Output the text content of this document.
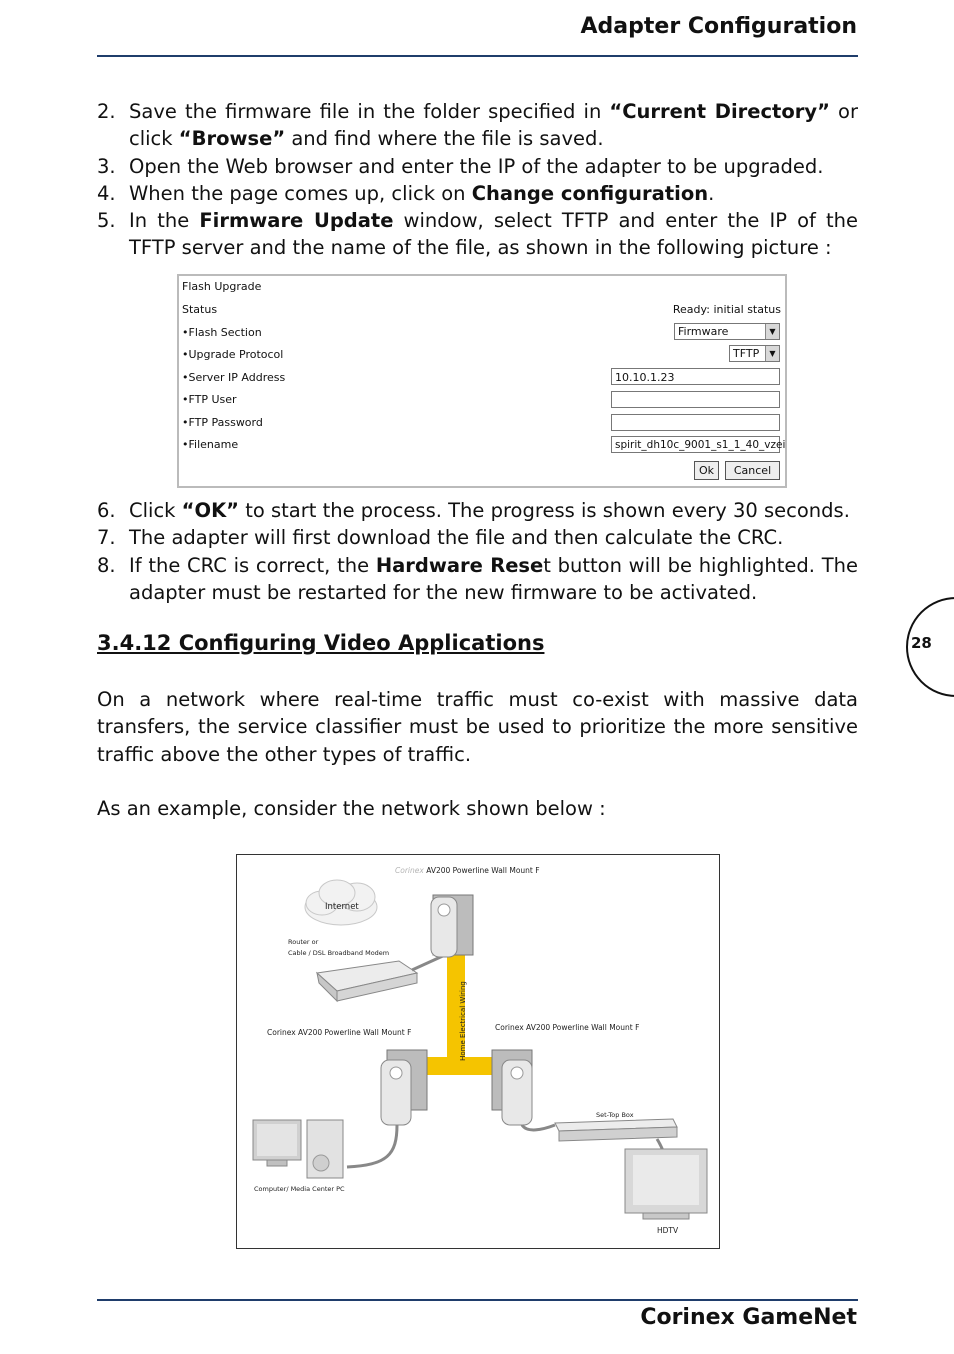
Adapter Configuration
2. Save the firmware file in the folder specified in “Current Directory” or click “Browse” and find where the file is saved.
3. Open the Web browser and enter the IP of the adapter to be upgraded.
4. When the page comes up, click on Change configuration.
5. In the Firmware Update window, select TFTP and enter the IP of the TFTP server and the name of the file, as shown in the following picture :
Flash Upgrade
Status	Ready: initial status
•Flash Section	Firmware	▼
•Upgrade Protocol	TFTP	▼
•Server IP Address	10.10.1.23
•FTP User
•FTP Password
•Filename	spirit_dh10c_9001_s1_1_40_vzei
Ok	Cancel
6. Click “OK” to start the process. The progress is shown every 30 seconds.
7. The adapter will first download the file and then calculate the CRC.
8. If the CRC is correct, the Hardware Reset button will be highlighted. The adapter must be restarted for the new firmware to be activated.
28
3.4.12 Configuring Video Applications
On a network where real-time traffic must co-exist with massive data transfers, the service classifier must be used to prioritize the more sensitive traffic above the other types of traffic.
As an example, consider the network shown below :
Corinex AV200 Powerline Wall Mount F
Internet
Router or
Cable / DSL Broadband Modem
Home Electrical Wiring
Corinex AV200 Powerline Wall Mount F
Corinex AV200 Powerline Wall Mount F
Set-Top Box
Computer/ Media Center PC
HDTV
Corinex GameNet
